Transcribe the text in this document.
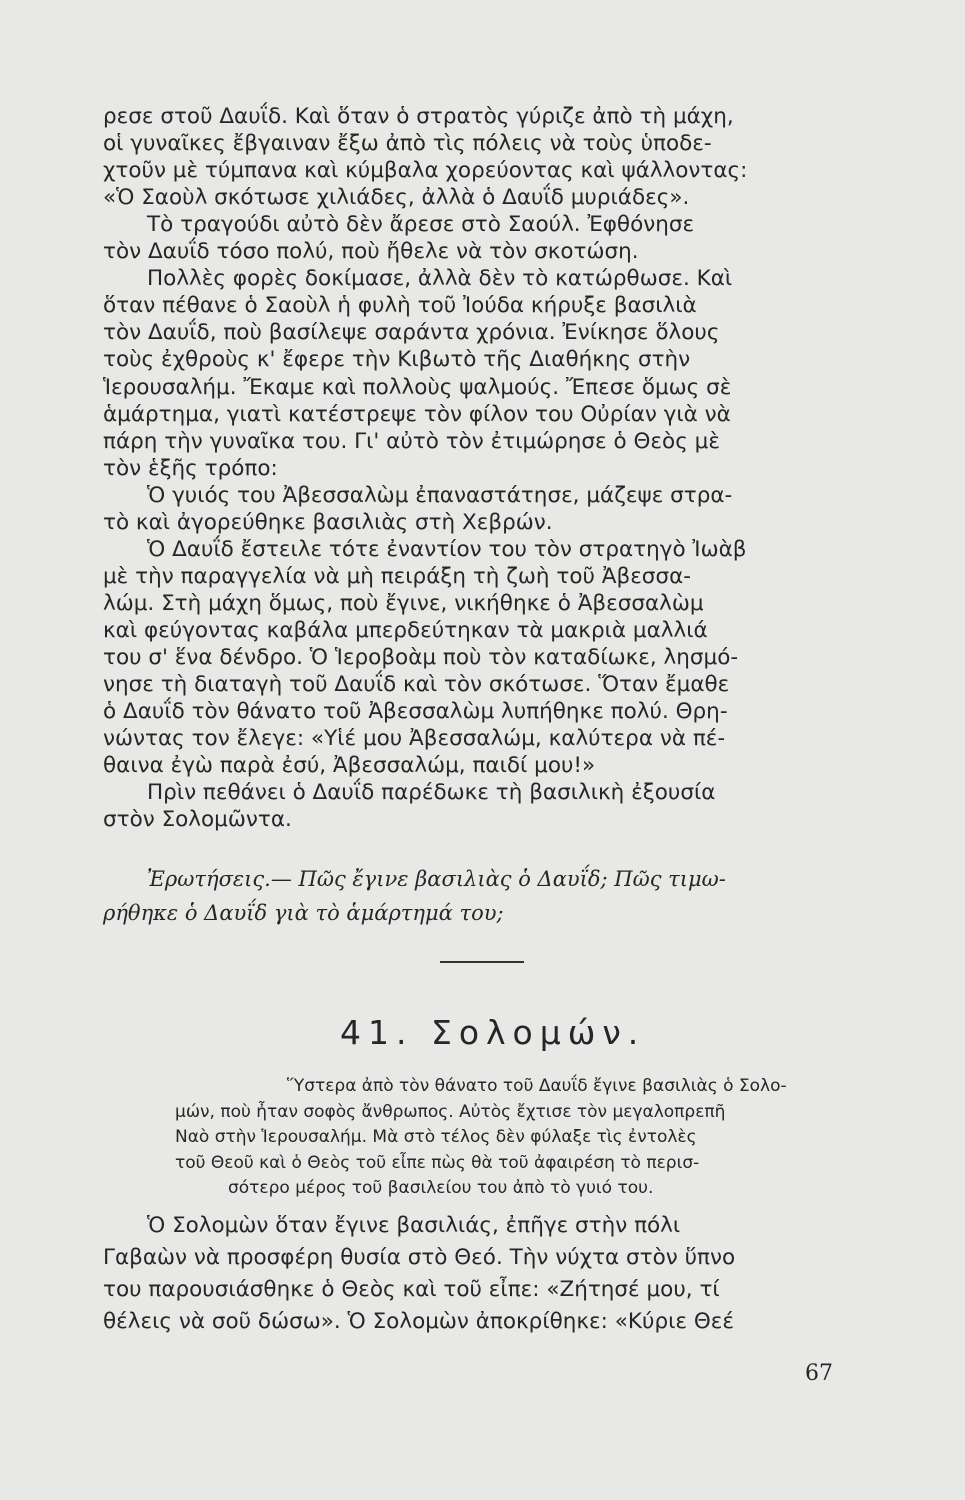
ρεσε στοῦ Δαυΐδ. Καὶ ὅταν ὁ στρατὸς γύριζε ἀπὸ τὴ μάχη,
οἱ γυναῖκες ἔβγαιναν ἔξω ἀπὸ τὶς πόλεις νὰ τοὺς ὑποδε-
χτοῦν μὲ τύμπανα καὶ κύμβαλα χορεύοντας καὶ ψάλλοντας:
«Ὁ Σαοὺλ σκότωσε χιλιάδες, ἀλλὰ ὁ Δαυΐδ μυριάδες».
Τὸ τραγούδι αὐτὸ δὲν ἄρεσε στὸ Σαούλ. Ἐφθόνησε
τὸν Δαυΐδ τόσο πολύ, ποὺ ἤθελε νὰ τὸν σκοτώση.
Πολλὲς φορὲς δοκίμασε, ἀλλὰ δὲν τὸ κατώρθωσε. Καὶ
ὅταν πέθανε ὁ Σαοὺλ ἡ φυλὴ τοῦ Ἰούδα κήρυξε βασιλιὰ
τὸν Δαυΐδ, ποὺ βασίλεψε σαράντα χρόνια. Ἐνίκησε ὅλους
τοὺς ἐχθροὺς κ' ἔφερε τὴν Κιβωτὸ τῆς Διαθήκης στὴν
Ἱερουσαλήμ. Ἔκαμε καὶ πολλοὺς ψαλμούς. Ἔπεσε ὅμως σὲ
ἁμάρτημα, γιατὶ κατέστρεψε τὸν φίλον του Οὐρίαν γιὰ νὰ
πάρη τὴν γυναῖκα του. Γι' αὐτὸ τὸν ἐτιμώρησε ὁ Θεὸς μὲ
τὸν ἑξῆς τρόπο:
Ὁ γυιός του Ἀβεσσαλὼμ ἐπαναστάτησε, μάζεψε στρα-
τὸ καὶ ἀγορεύθηκε βασιλιὰς στὴ Χεβρών.
Ὁ Δαυΐδ ἔστειλε τότε ἐναντίον του τὸν στρατηγὸ Ἰωὰβ
μὲ τὴν παραγγελία νὰ μὴ πειράξη τὴ ζωὴ τοῦ Ἀβεσσα-
λώμ. Στὴ μάχη ὅμως, ποὺ ἔγινε, νικήθηκε ὁ Ἀβεσσαλὼμ
καὶ φεύγοντας καβάλα μπερδεύτηκαν τὰ μακριὰ μαλλιά
του σ' ἕνα δένδρο. Ὁ Ἱεροβοὰμ ποὺ τὸν καταδίωκε, λησμό-
νησε τὴ διαταγὴ τοῦ Δαυΐδ καὶ τὸν σκότωσε. Ὅταν ἔμαθε
ὁ Δαυΐδ τὸν θάνατο τοῦ Ἀβεσσαλὼμ λυπήθηκε πολύ. Θρη-
νώντας τον ἔλεγε: «Υἱέ μου Ἀβεσσαλώμ, καλύτερα νὰ πέ-
θαινα ἐγὼ παρὰ ἐσύ, Ἀβεσσαλώμ, παιδί μου!»
Πρὶν πεθάνει ὁ Δαυΐδ παρέδωκε τὴ βασιλικὴ ἐξουσία
στὸν Σολομῶντα.
Ἐρωτήσεις.— Πῶς ἔγινε βασιλιὰς ὁ Δαυΐδ; Πῶς τιμω-
ρήθηκε ὁ Δαυΐδ γιὰ τὸ ἁμάρτημά του;
41. Σολομών.
Ὕστερα ἀπὸ τὸν θάνατο τοῦ Δαυΐδ ἔγινε βασιλιὰς ὁ Σολο-
μών, ποὺ ἦταν σοφὸς ἄνθρωπος. Αὐτὸς ἔχτισε τὸν μεγαλοπρεπῆ
Ναὸ στὴν Ἱερουσαλήμ. Μὰ στὸ τέλος δὲν φύλαξε τὶς ἐντολὲς
τοῦ Θεοῦ καὶ ὁ Θεὸς τοῦ εἶπε πὼς θὰ τοῦ ἀφαιρέση τὸ περισ-
σότερο μέρος τοῦ βασιλείου του ἀπὸ τὸ γυιό του.
Ὁ Σολομὼν ὅταν ἔγινε βασιλιάς, ἐπῆγε στὴν πόλι
Γαβαὼν νὰ προσφέρη θυσία στὸ Θεό. Τὴν νύχτα στὸν ὕπνο
του παρουσιάσθηκε ὁ Θεὸς καὶ τοῦ εἶπε: «Ζήτησέ μου, τί
θέλεις νὰ σοῦ δώσω». Ὁ Σολομὼν ἀποκρίθηκε: «Κύριε Θεέ
67
